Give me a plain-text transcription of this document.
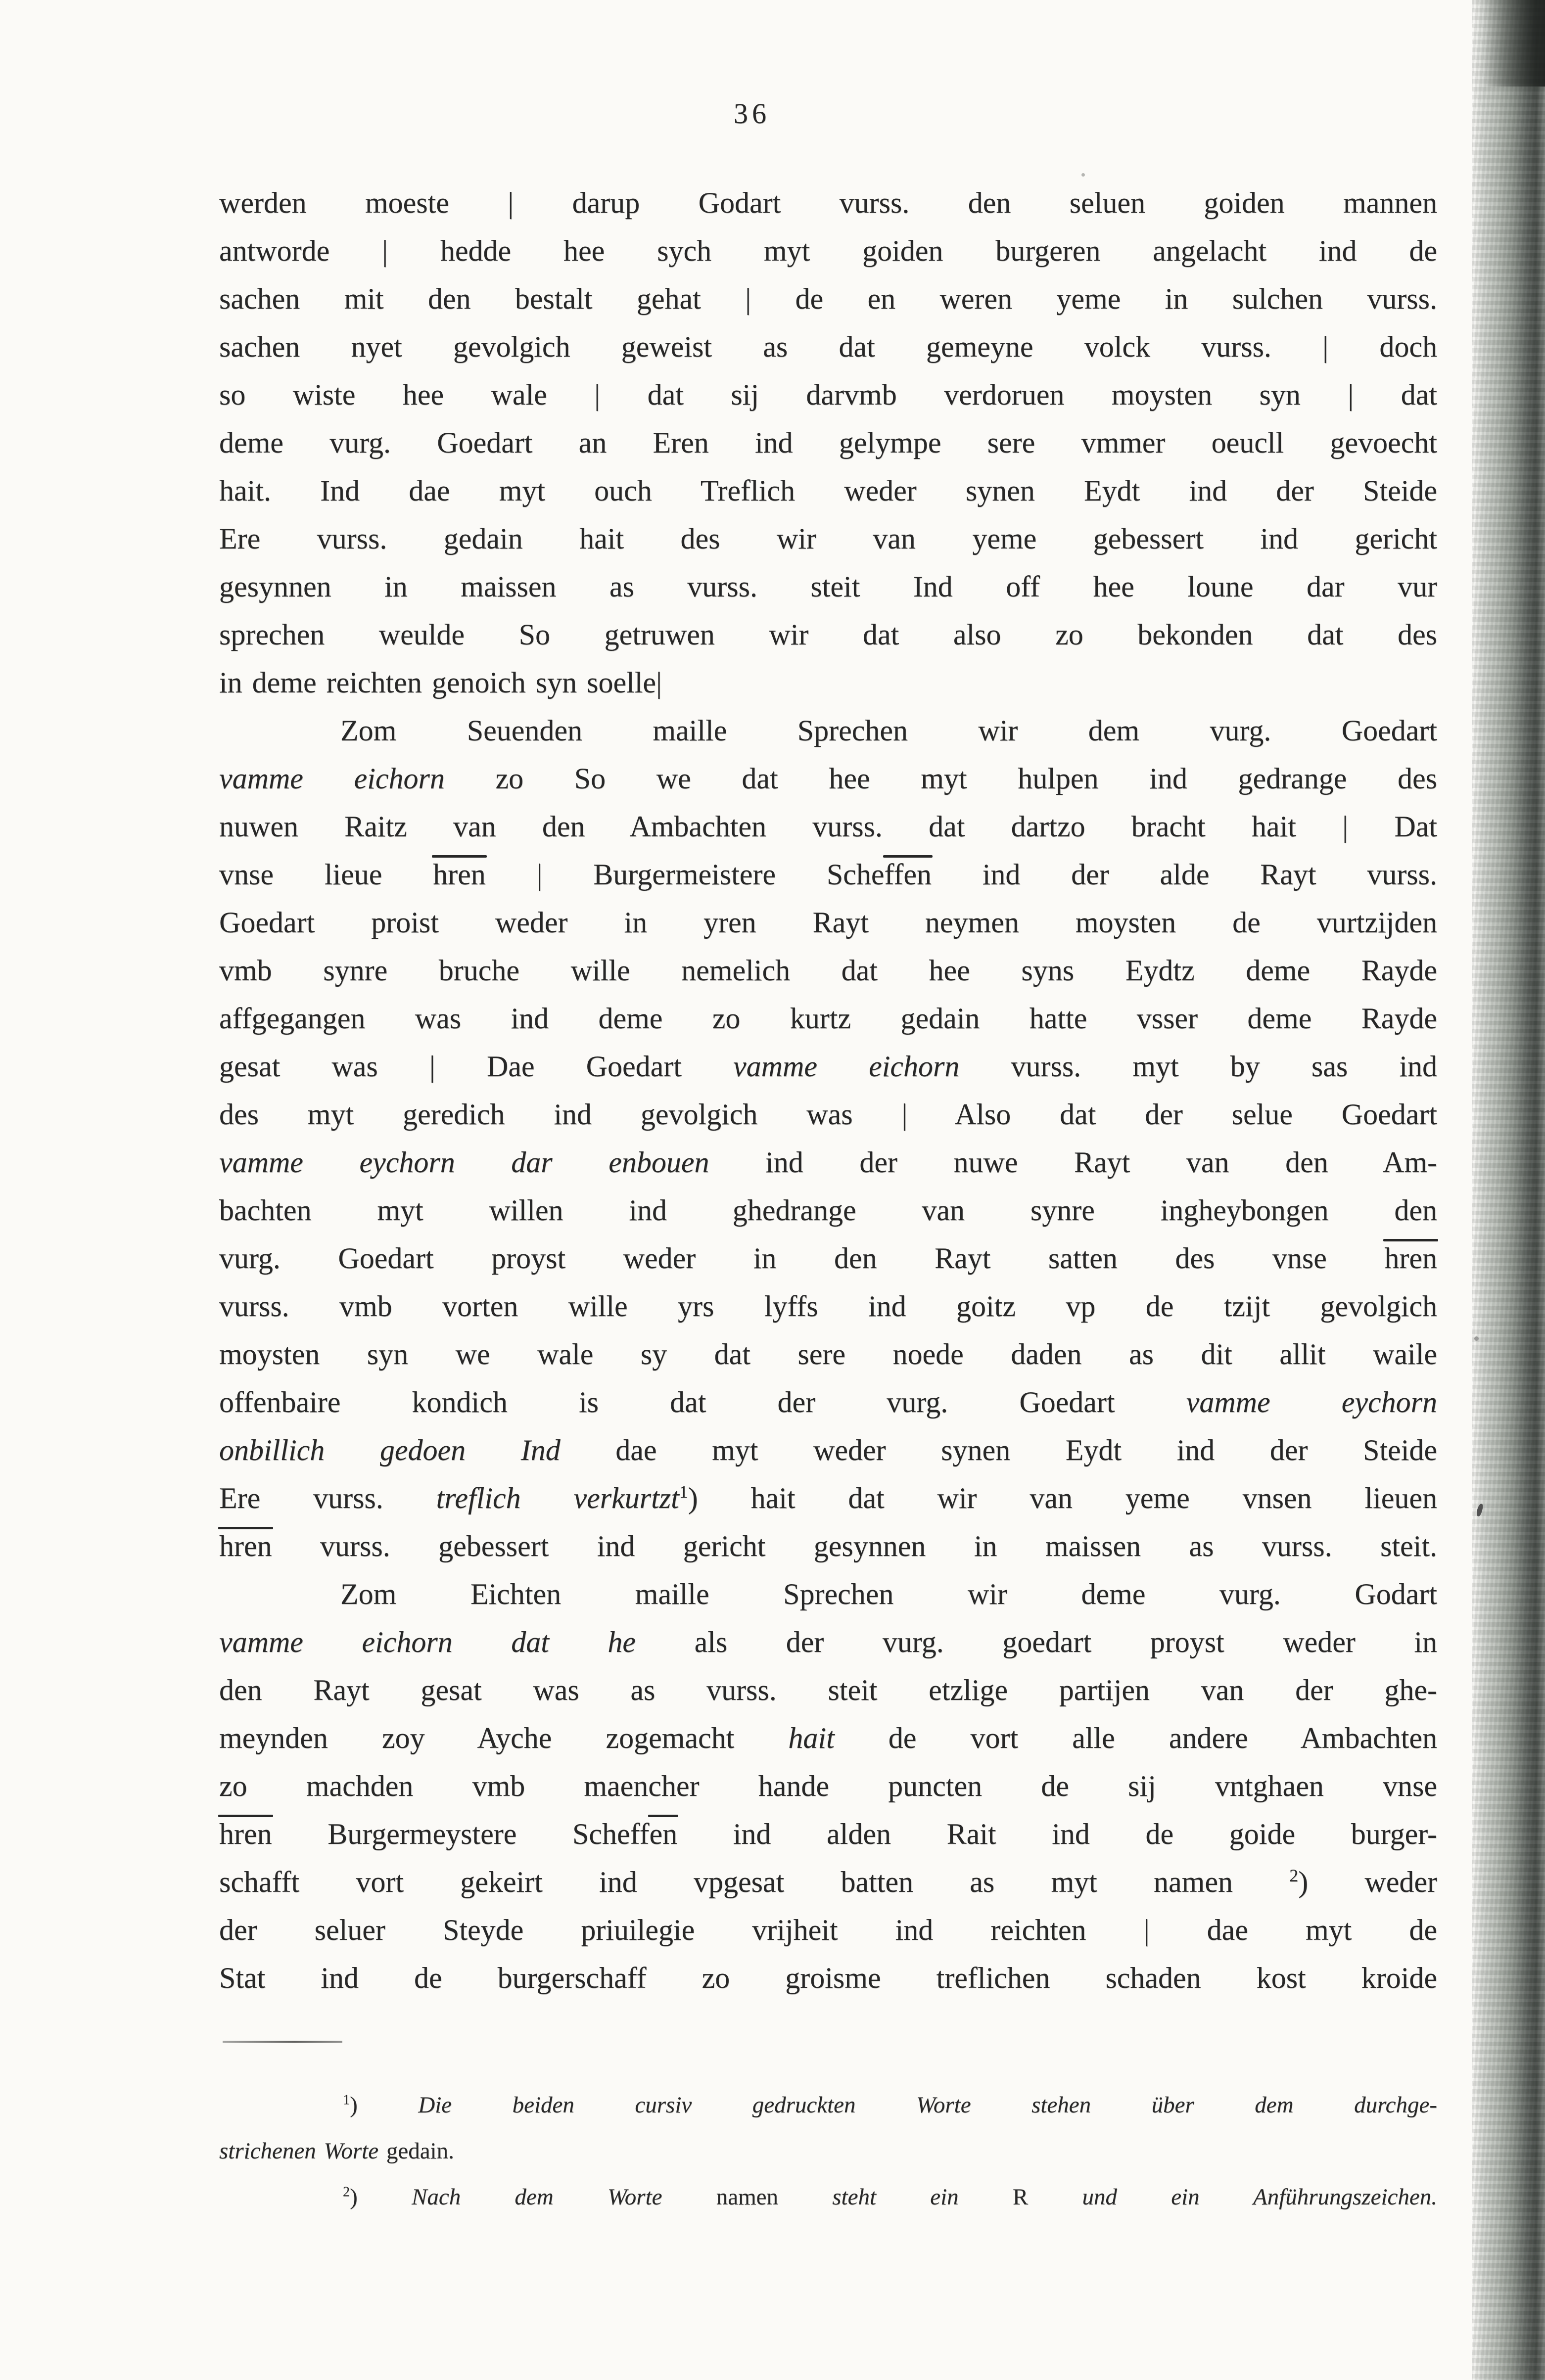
36
werden moeste | darup Godart vurss. den seluen goiden mannen
antworde | hedde hee sych myt goiden burgeren angelacht ind de
sachen mit den bestalt gehat | de en weren yeme in sulchen vurss.
sachen nyet gevolgich geweist as dat gemeyne volck vurss. | doch
so wiste hee wale | dat sij darvmb verdoruen moysten syn | dat
deme vurg. Goedart an Eren ind gelympe sere vmmer oeucll gevoecht
hait. Ind dae myt ouch Treflich weder synen Eydt ind der Steide
Ere vurss. gedain hait des wir van yeme gebessert ind gericht
gesynnen in maissen as vurss. steit Ind off hee loune dar vur
sprechen weulde So getruwen wir dat also zo bekonden dat des
in deme reichten genoich syn soelle|
Zom Seuenden maille Sprechen wir dem vurg. Goedart
vamme eichorn zo So we dat hee myt hulpen ind gedrange des
nuwen Raitz van den Ambachten vurss. dat dartzo bracht hait | Dat
vnse lieue hren | Burgermeistere Scheffen ind der alde Rayt vurss.
Goedart proist weder in yren Rayt neymen moysten de vurtzijden
vmb synre bruche wille nemelich dat hee syns Eydtz deme Rayde
affgegangen was ind deme zo kurtz gedain hatte vsser deme Rayde
gesat was | Dae Goedart vamme eichorn vurss. myt by sas ind
des myt geredich ind gevolgich was | Also dat der selue Goedart
vamme eychorn dar enbouen ind der nuwe Rayt van den Am-
bachten myt willen ind ghedrange van synre ingheybongen den
vurg. Goedart proyst weder in den Rayt satten des vnse hren
vurss. vmb vorten wille yrs lyffs ind goitz vp de tzijt gevolgich
moysten syn we wale sy dat sere noede daden as dit allit waile
offenbaire kondich is dat der vurg. Goedart vamme eychorn
onbillich gedoen Ind dae myt weder synen Eydt ind der Steide
Ere vurss. treflich verkurtzt$^1$) hait dat wir van yeme vnsen lieuen
hren vurss. gebessert ind gericht gesynnen in maissen as vurss. steit.
Zom Eichten maille Sprechen wir deme vurg. Godart
vamme eichorn dat he als der vurg. goedart proyst weder in
den Rayt gesat was as vurss. steit etzlige partijen van der ghe-
meynden zoy Ayche zogemacht hait de vort alle andere Ambachten
zo machden vmb maencher hande puncten de sij vntghaen vnse
hren Burgermeystere Scheffen ind alden Rait ind de goide burger-
schafft vort gekeirt ind vpgesat batten as myt namen $^2$) weder
der seluer Steyde priuilegie vrijheit ind reichten | dae myt de
Stat ind de burgerschaff zo groisme treflichen schaden kost kroide
$^1$) Die beiden cursiv gedruckten Worte stehen über dem durchge-
strichenen Worte gedain.
$^2$) Nach dem Worte namen steht ein R und ein Anführungszeichen.
